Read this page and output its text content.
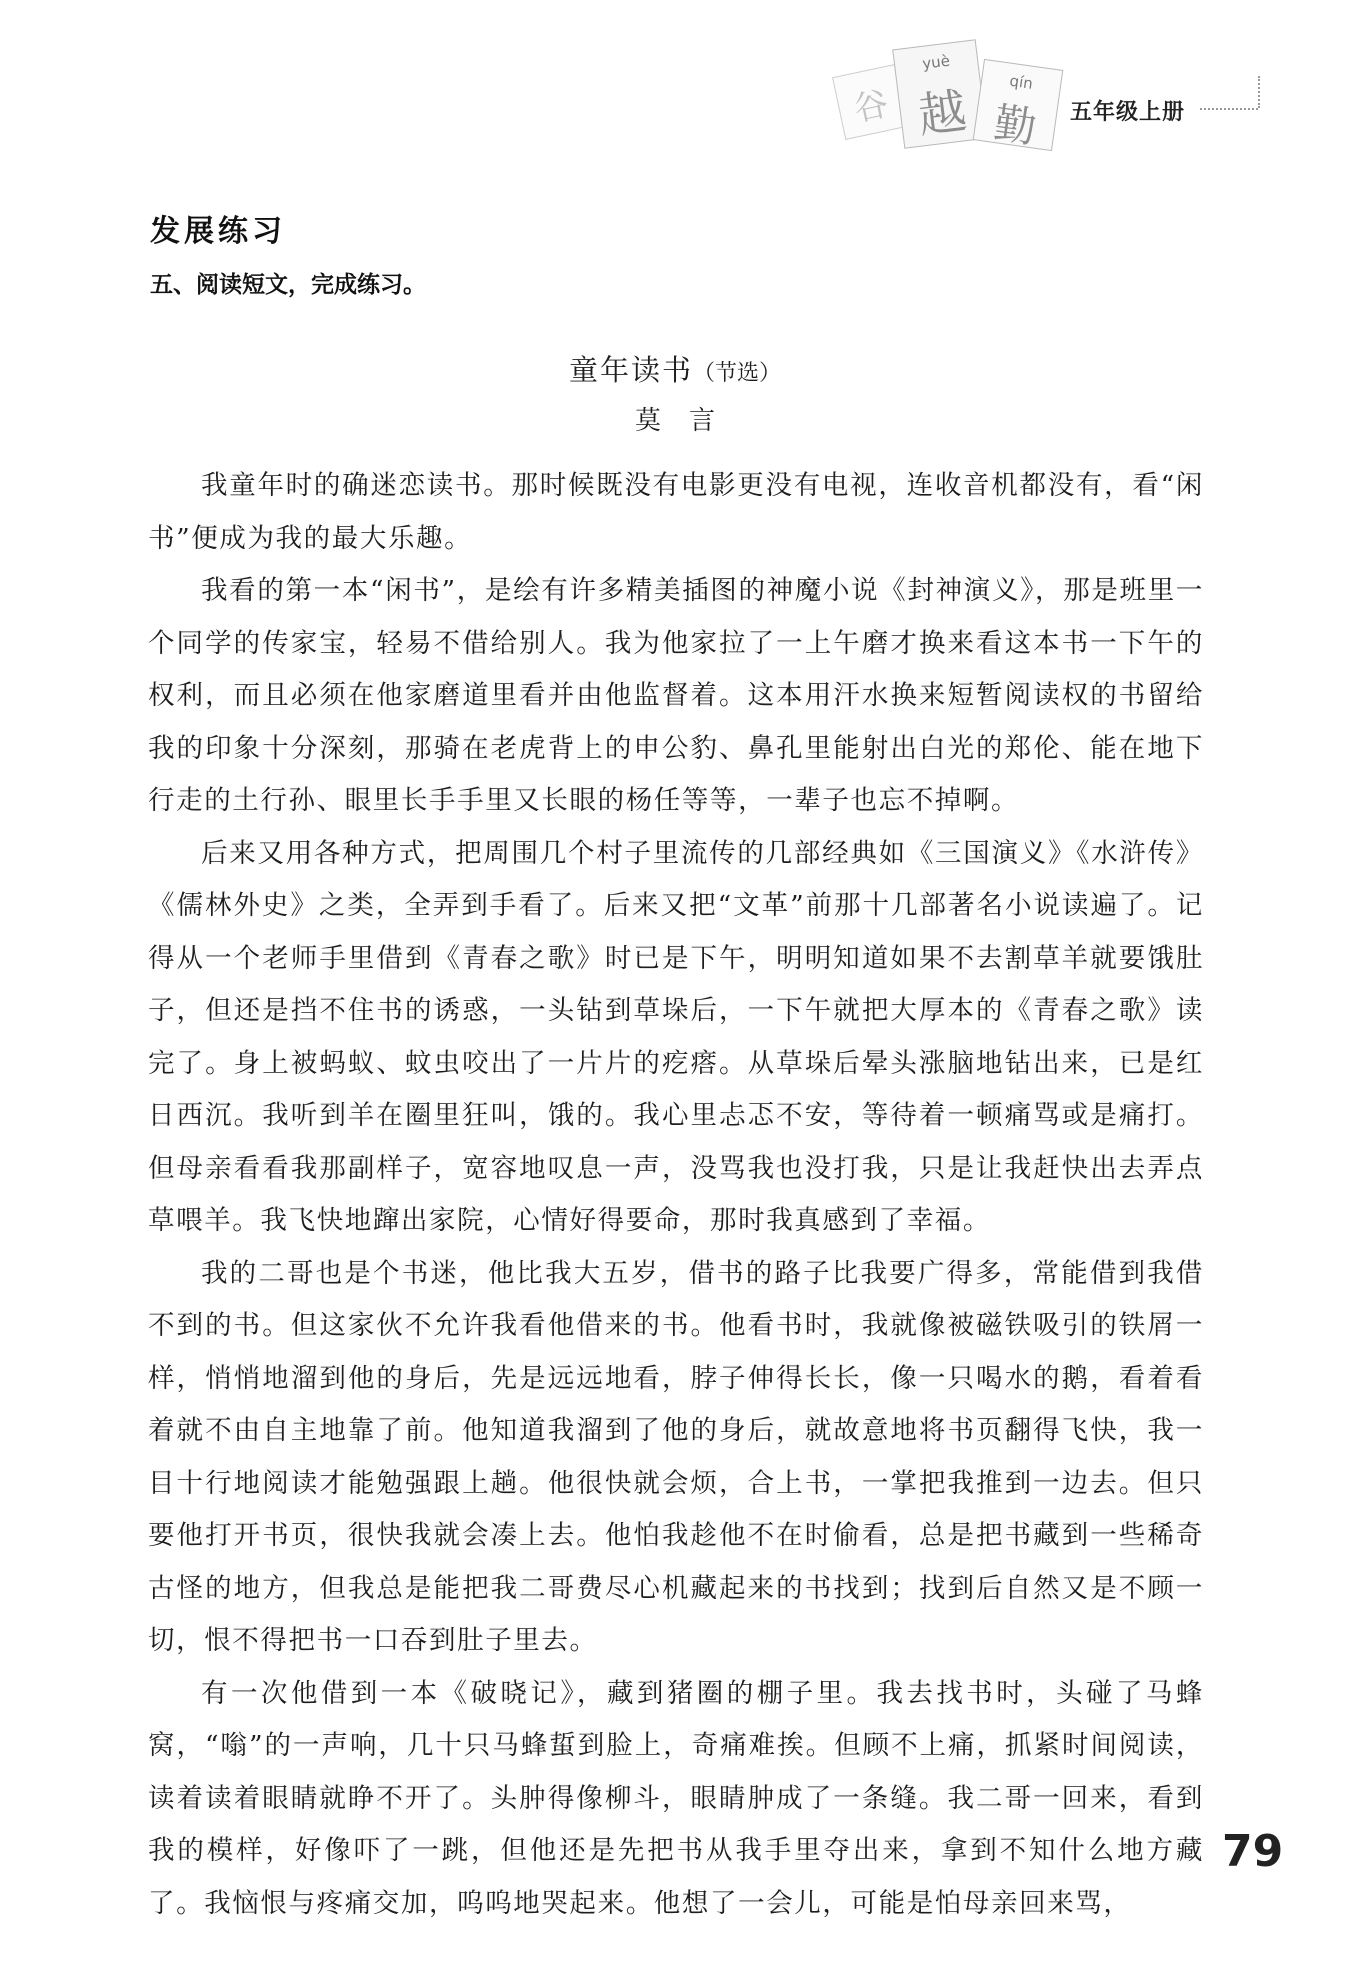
谷
yuè
越
qín
勤	五年级上册
发展练习
五、阅读短文，完成练习。
童年读书（节选）
莫言

我童年时的确迷恋读书。那时候既没有电影更没有电视，连收音机都没有，看“闲书”便成为我的最大乐趣。

我看的第一本“闲书”，是绘有许多精美插图的神魔小说《封神演义》，那是班里一个同学的传家宝，轻易不借给别人。我为他家拉了一上午磨才换来看这本书一下午的权利，而且必须在他家磨道里看并由他监督着。这本用汗水换来短暂阅读权的书留给我的印象十分深刻，那骑在老虎背上的申公豹、鼻孔里能射出白光的郑伦、能在地下行走的土行孙、眼里长手手里又长眼的杨任等等，一辈子也忘不掉啊。

后来又用各种方式，把周围几个村子里流传的几部经典如《三国演义》《水浒传》《儒林外史》之类，全弄到手看了。后来又把“文革”前那十几部著名小说读遍了。记得从一个老师手里借到《青春之歌》时已是下午，明明知道如果不去割草羊就要饿肚子，但还是挡不住书的诱惑，一头钻到草垛后，一下午就把大厚本的《青春之歌》读完了。身上被蚂蚁、蚊虫咬出了一片片的疙瘩。从草垛后晕头涨脑地钻出来，已是红日西沉。我听到羊在圈里狂叫，饿的。我心里忐忑不安，等待着一顿痛骂或是痛打。但母亲看看我那副样子，宽容地叹息一声，没骂我也没打我，只是让我赶快出去弄点草喂羊。我飞快地蹿出家院，心情好得要命，那时我真感到了幸福。

我的二哥也是个书迷，他比我大五岁，借书的路子比我要广得多，常能借到我借不到的书。但这家伙不允许我看他借来的书。他看书时，我就像被磁铁吸引的铁屑一样，悄悄地溜到他的身后，先是远远地看，脖子伸得长长，像一只喝水的鹅，看着看着就不由自主地靠了前。他知道我溜到了他的身后，就故意地将书页翻得飞快，我一目十行地阅读才能勉强跟上趟。他很快就会烦，合上书，一掌把我推到一边去。但只要他打开书页，很快我就会凑上去。他怕我趁他不在时偷看，总是把书藏到一些稀奇古怪的地方，但我总是能把我二哥费尽心机藏起来的书找到；找到后自然又是不顾一切，恨不得把书一口吞到肚子里去。

有一次他借到一本《破晓记》，藏到猪圈的棚子里。我去找书时，头碰了马蜂窝，“嗡”的一声响，几十只马蜂蜇到脸上，奇痛难挨。但顾不上痛，抓紧时间阅读，读着读着眼睛就睁不开了。头肿得像柳斗，眼睛肿成了一条缝。我二哥一回来，看到我的模样，好像吓了一跳，但他还是先把书从我手里夺出来，拿到不知什么地方藏了。我恼恨与疼痛交加，呜呜地哭起来。他想了一会儿，可能是怕母亲回来骂，

79
